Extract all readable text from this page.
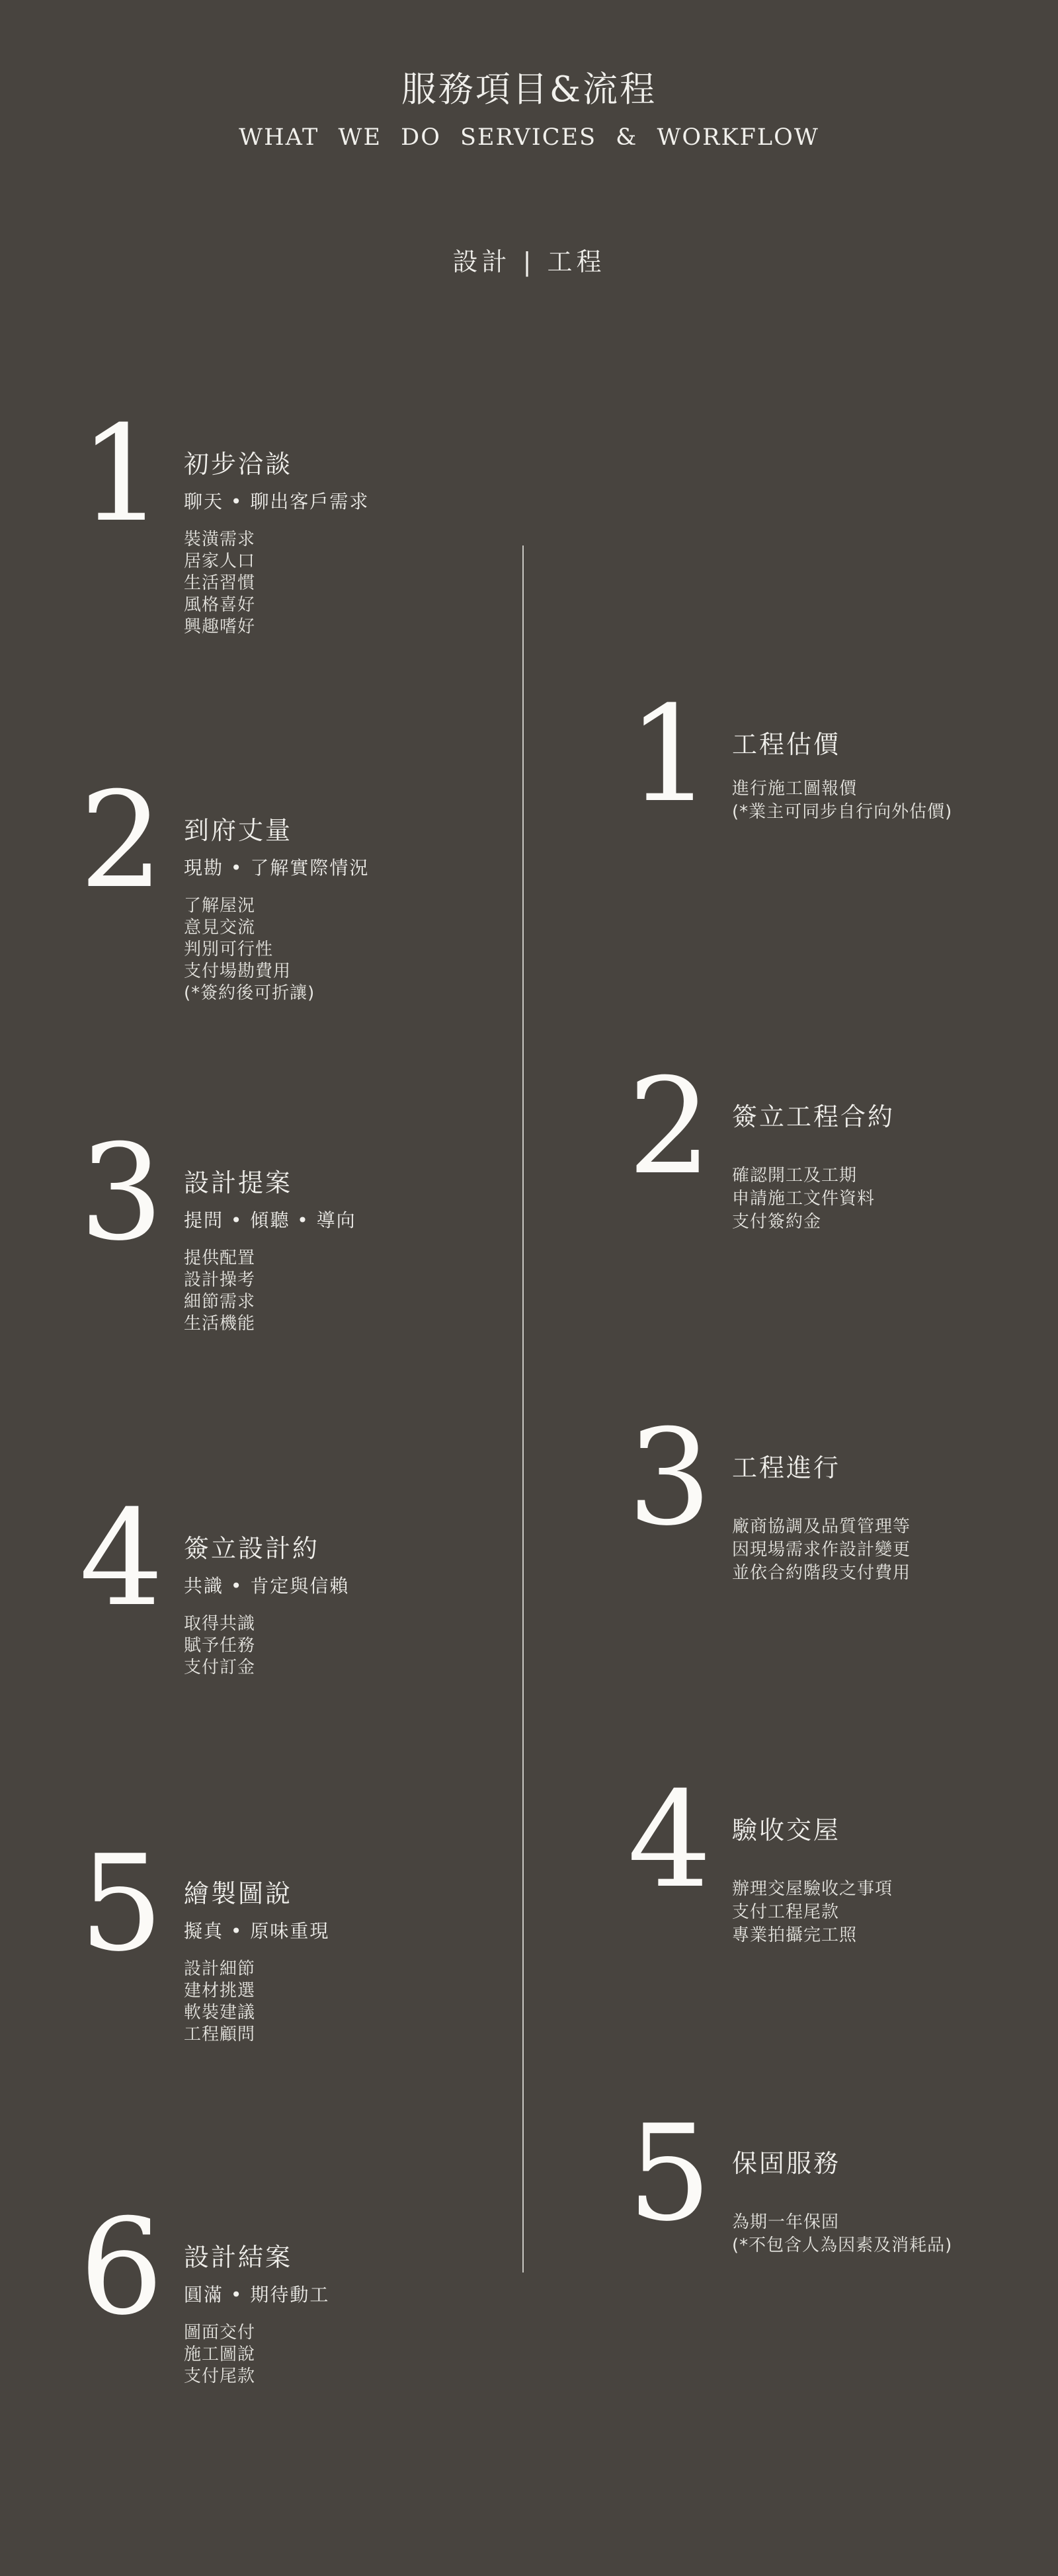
服務項目&流程
WHAT WE DO SERVICES & WORKFLOW
設計 | 工程
1 初步洽談
聊天 • 聊出客戶需求
裝潢需求
居家人口
生活習慣
風格喜好
興趣嗜好
2 到府丈量
現勘 • 了解實際情況
了解屋況
意見交流
判別可行性
支付場勘費用
(*簽約後可折讓)
3 設計提案
提問 • 傾聽 • 導向
提供配置
設計操考
細節需求
生活機能
4 簽立設計約
共識 • 肯定與信賴
取得共識
賦予任務
支付訂金
5 繪製圖說
擬真 • 原味重現
設計細節
建材挑選
軟裝建議
工程顧問
6 設計結案
圓滿 • 期待動工
圖面交付
施工圖說
支付尾款
1 工程估價
進行施工圖報價
(*業主可同步自行向外估價)
2 簽立工程合約
確認開工及工期
申請施工文件資料
支付簽約金
3 工程進行
廠商協調及品質管理等
因現場需求作設計變更
並依合約階段支付費用
4 驗收交屋
辦理交屋驗收之事項
支付工程尾款
專業拍攝完工照
5 保固服務
為期一年保固
(*不包含人為因素及消耗品)
